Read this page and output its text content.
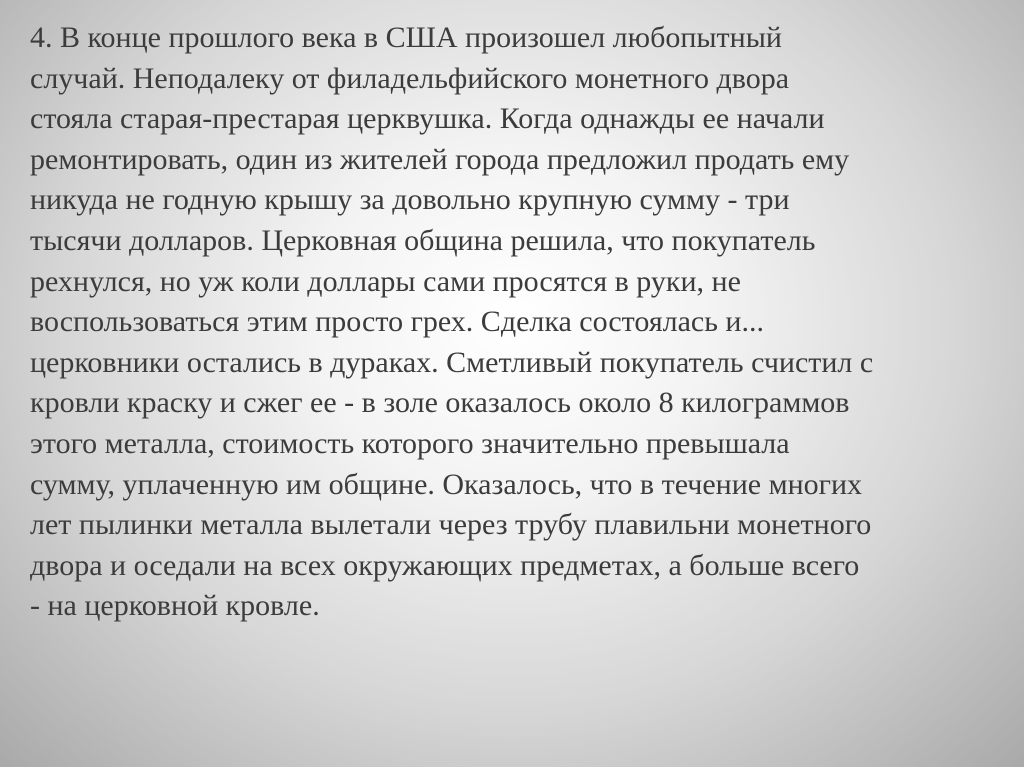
4. В конце прошлого века в США произошел любопытный
случай. Неподалеку от филадельфийского монетного двора
стояла старая-престарая церквушка. Когда однажды ее начали
ремонтировать, один из жителей города предложил продать ему
никуда не годную крышу за довольно крупную сумму - три
тысячи долларов. Церковная община решила, что покупатель
рехнулся, но уж коли доллары сами просятся в руки, не
воспользоваться этим просто грех. Сделка состоялась и...
церковники остались в дураках. Сметливый покупатель счистил с
кровли краску и сжег ее - в золе оказалось около 8 килограммов
этого металла, стоимость которого значительно превышала
сумму, уплаченную им общине. Оказалось, что в течение многих
лет пылинки металла вылетали через трубу плавильни монетного
двора и оседали на всех окружающих предметах, а больше всего
- на церковной кровле.
